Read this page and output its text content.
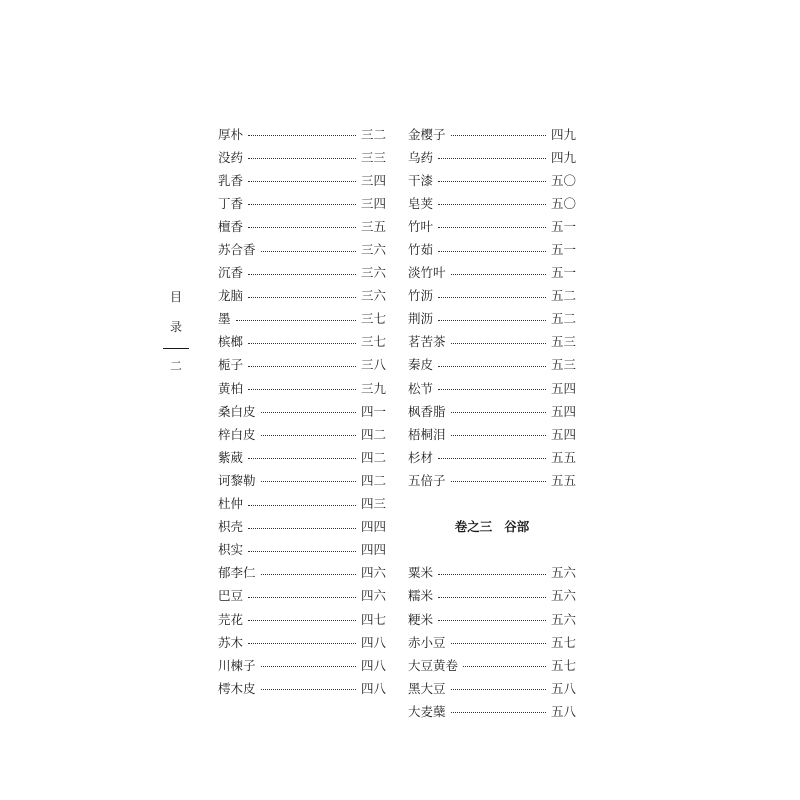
目
录
二
厚朴	三二
没药	三三
乳香	三四
丁香	三四
檀香	三五
苏合香	三六
沉香	三六
龙脑	三六
墨	三七
槟榔	三七
栀子	三八
黄柏	三九
桑白皮	四一
梓白皮	四二
紫葳	四二
诃黎勒	四二
杜仲	四三
枳壳	四四
枳实	四四
郁李仁	四六
巴豆	四六
芫花	四七
苏木	四八
川楝子	四八
樗木皮	四八
金樱子	四九
乌药	四九
干漆	五〇
皂荚	五〇
竹叶	五一
竹茹	五一
淡竹叶	五一
竹沥	五二
荆沥	五二
茗苦茶	五三
秦皮	五三
松节	五四
枫香脂	五四
梧桐泪	五四
杉材	五五
五倍子	五五
卷之三 谷部
粟米	五六
糯米	五六
粳米	五六
赤小豆	五七
大豆黄卷	五七
黑大豆	五八
大麦蘖	五八
